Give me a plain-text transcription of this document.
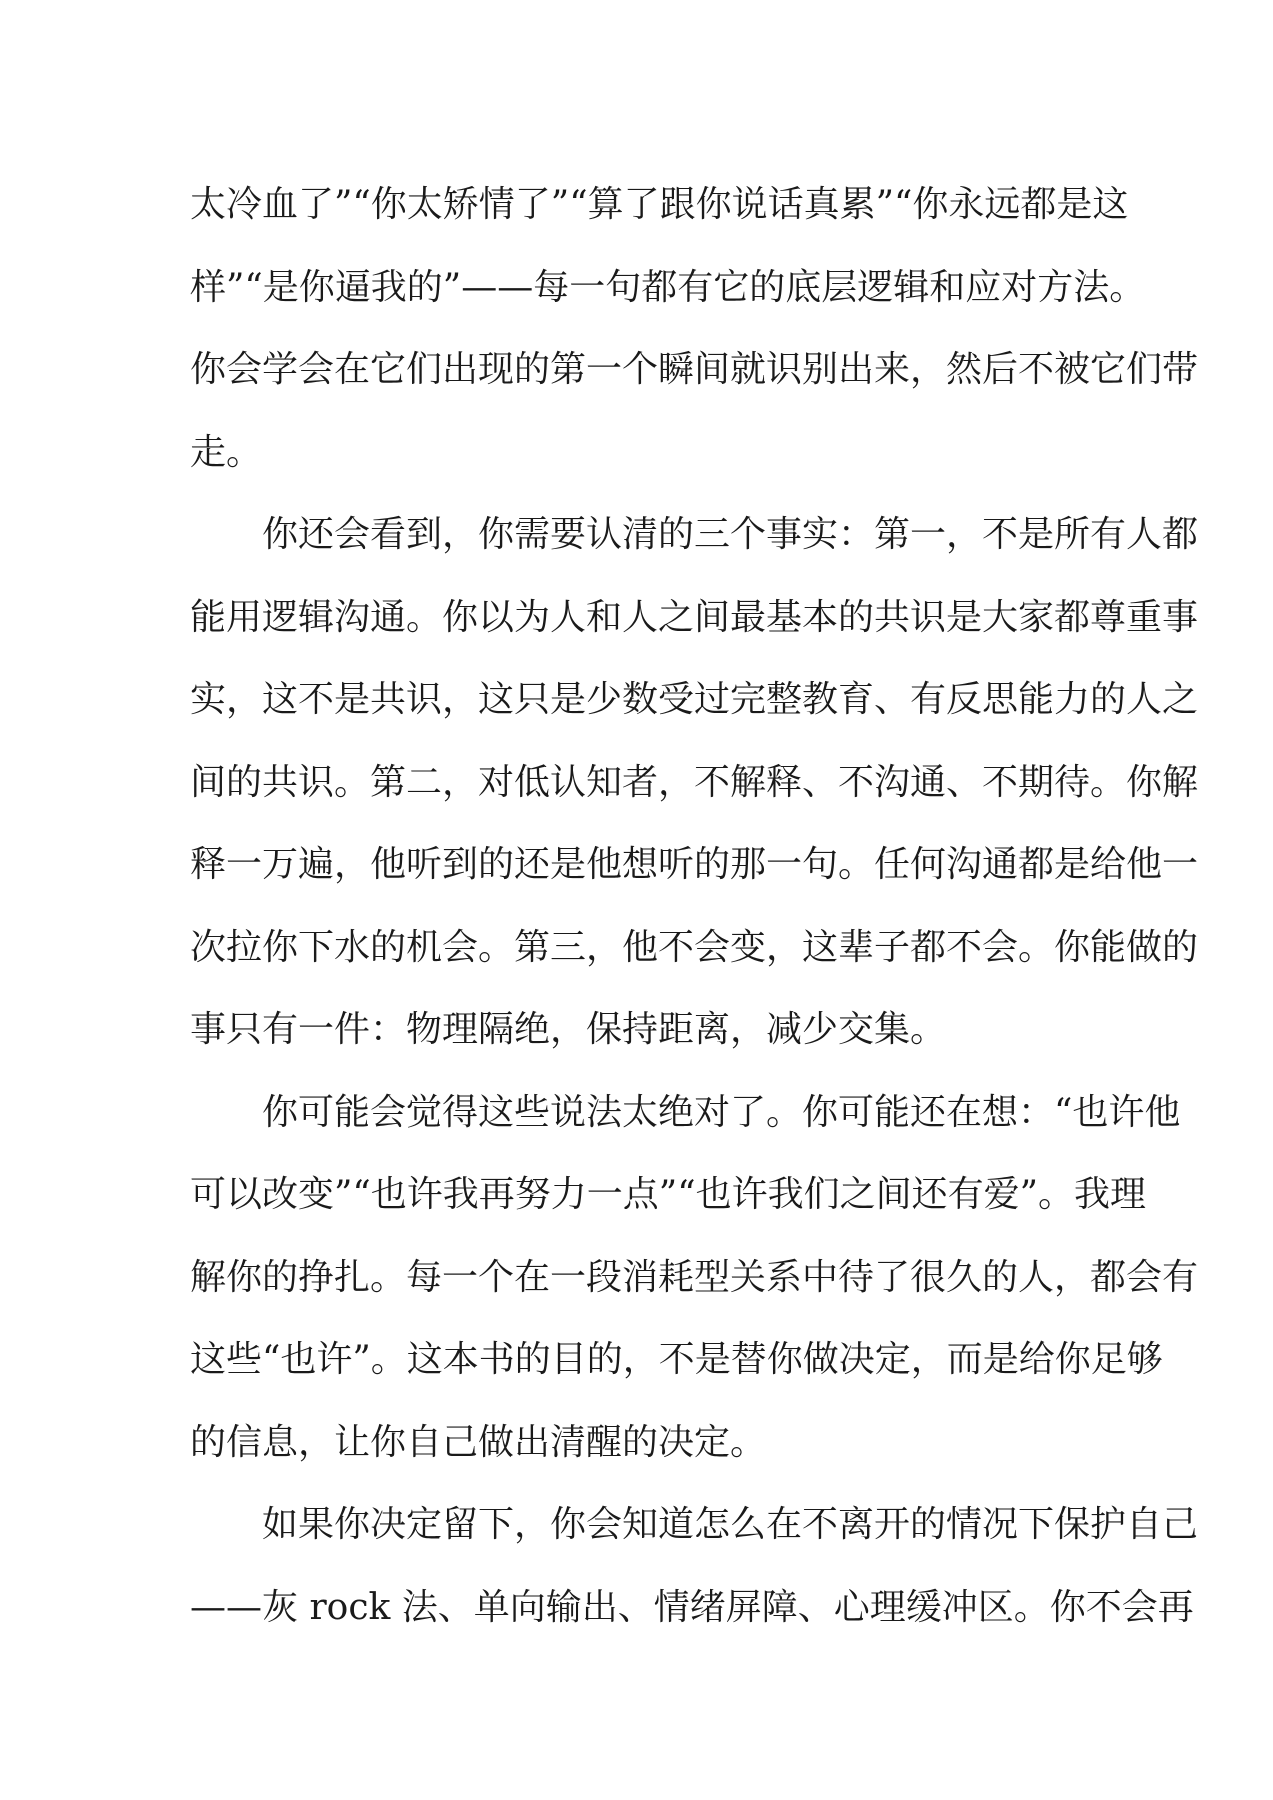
太冷血了”“你太矫情了”“算了跟你说话真累”“你永远都是这
样”“是你逼我的”——每一句都有它的底层逻辑和应对方法。
你会学会在它们出现的第一个瞬间就识别出来，然后不被它们带
走。
你还会看到，你需要认清的三个事实：第一，不是所有人都
能用逻辑沟通。你以为人和人之间最基本的共识是大家都尊重事
实，这不是共识，这只是少数受过完整教育、有反思能力的人之
间的共识。第二，对低认知者，不解释、不沟通、不期待。你解
释一万遍，他听到的还是他想听的那一句。任何沟通都是给他一
次拉你下水的机会。第三，他不会变，这辈子都不会。你能做的
事只有一件：物理隔绝，保持距离，减少交集。
你可能会觉得这些说法太绝对了。你可能还在想：“也许他
可以改变”“也许我再努力一点”“也许我们之间还有爱”。我理
解你的挣扎。每一个在一段消耗型关系中待了很久的人，都会有
这些“也许”。这本书的目的，不是替你做决定，而是给你足够
的信息，让你自己做出清醒的决定。
如果你决定留下，你会知道怎么在不离开的情况下保护自己
——灰 rock 法、单向输出、情绪屏障、心理缓冲区。你不会再
